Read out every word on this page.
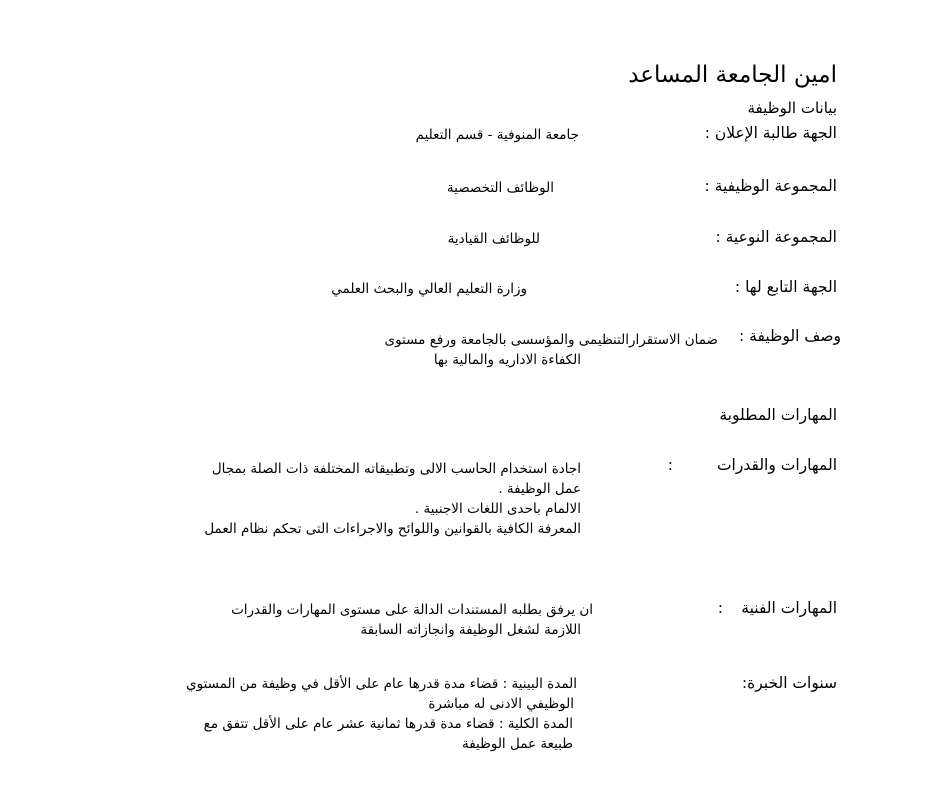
امين الجامعة المساعد
بيانات الوظيفة
الجهة طالبة الإعلان :
جامعة المنوفية - قسم التعليم
المجموعة الوظيفية :
الوظائف التخصصية
المجموعة النوعية :
للوظائف القيادية
الجهة التابع لها :
وزارة التعليم العالي والبحث العلمي
وصف الوظيفة :
ضمان الاستقرارالتنظيمى والمؤسسى بالجامعة ورفع مستوى
الكفاءة الاداريه والمالية بها
المهارات المطلوبة
المهارات والقدرات
:
اجادة استخدام الحاسب الالى وتطبيقاته المختلفة ذات الصلة بمجال
عمل الوظيفة .
الالمام باحدى اللغات الاجنبية .
المعرفة الكافية بالقوانين واللوائح والاجراءات التى تحكم نظام العمل
المهارات الفنية
:
ان يرفق بطلبه المستندات الدالة على مستوى المهارات والقدرات
اللازمة لشغل الوظيفة وانجازاته السابقة
سنوات الخبرة:
المدة البينية : قضاء مدة قدرها عام على الأقل في وظيفة من المستوي
الوظيفي الادنى له مباشرة
المدة الكلية : قضاء مدة قدرها ثمانية عشر عام على الأقل تتفق مع
طبيعة عمل الوظيفة
